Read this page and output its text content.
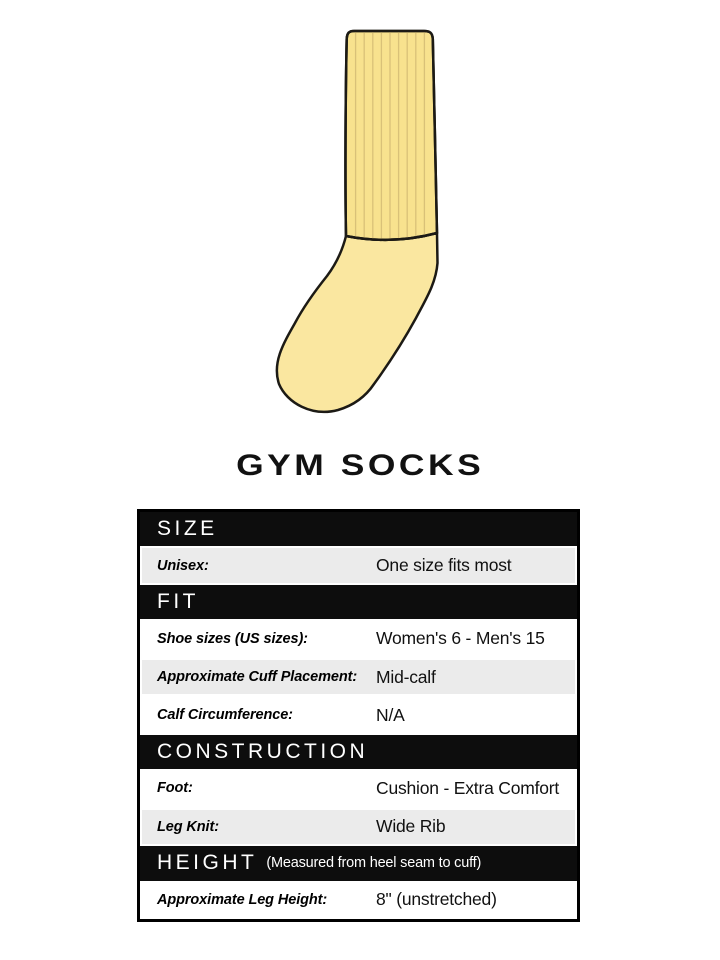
GYM SOCKS
SIZE
Unisex:	One size fits most
FIT
Shoe sizes (US sizes):	Women's 6 - Men's 15
Approximate Cuff Placement: Mid-calf
Calf Circumference:	N/A
CONSTRUCTION
Foot:	Cushion - Extra Comfort
Leg Knit:	Wide Rib
HEIGHT (Measured from heel seam to cuff)
Approximate Leg Height:	8" (unstretched)
